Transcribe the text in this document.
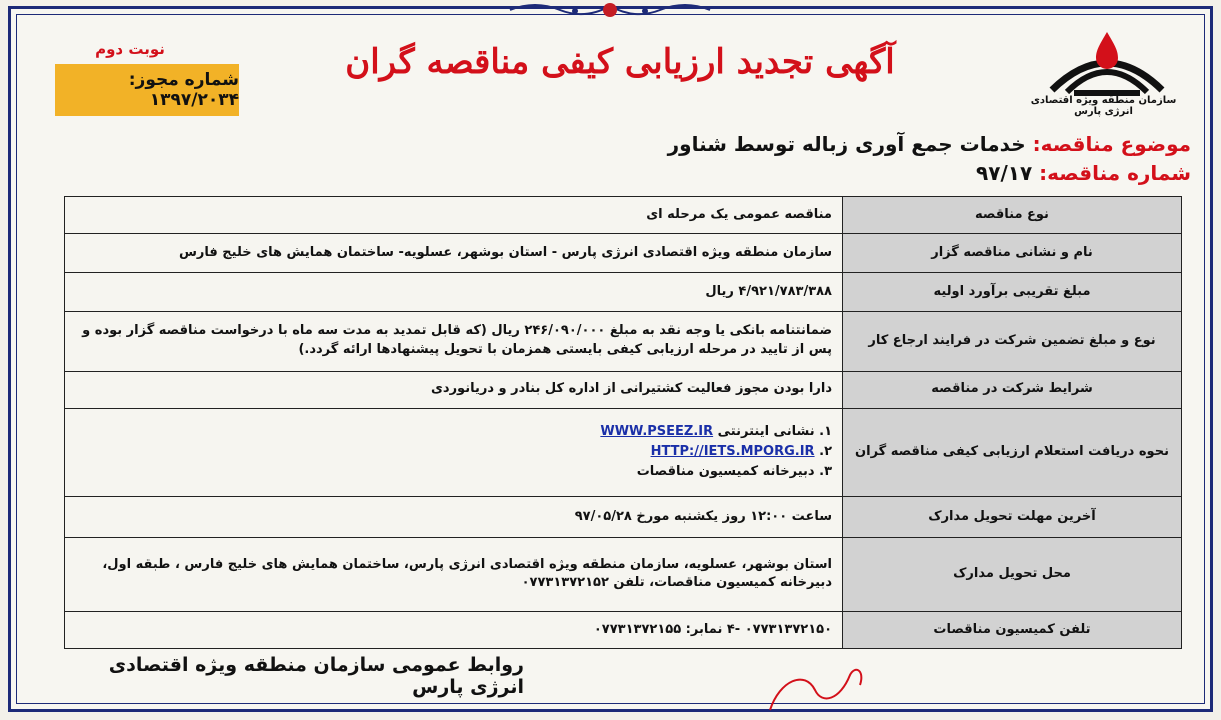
سازمان منطقه ویژه اقتصادی انرژی پارس
آگهی تجدید ارزیابی کیفی مناقصه گران
نوبت دوم
شماره مجوز: ۱۳۹۷/۲۰۳۴
موضوع مناقصه: خدمات جمع آوری زباله توسط شناور
شماره مناقصه: ۹۷/۱۷
نوع مناقصه	مناقصه عمومی یک مرحله ای
نام و نشانی مناقصه گزار	سازمان منطقه ویژه اقتصادی انرژی پارس - استان بوشهر، عسلویه- ساختمان همایش های خلیج فارس
مبلغ تقریبی برآورد اولیه	۴/۹۲۱/۷۸۳/۳۸۸ ریال
نوع و مبلغ تضمین شرکت در فرایند ارجاع کار	ضمانتنامه بانکی یا وجه نقد به مبلغ ۲۴۶/۰۹۰/۰۰۰ ریال (که قابل تمدید به مدت سه ماه با درخواست مناقصه گزار بوده و پس از تایید در مرحله ارزیابی کیفی بایستی همزمان با تحویل پیشنهادها ارائه گردد.)
شرایط شرکت در مناقصه	دارا بودن مجوز فعالیت کشتیرانی از اداره کل بنادر و دریانوردی
نحوه دریافت استعلام ارزیابی کیفی مناقصه گران	۱. نشانی اینترنتی WWW.PSEEZ.IR
۲. HTTP://IETS.MPORG.IR
۳. دبیرخانه کمیسیون مناقصات

آخرین مهلت تحویل مدارک	ساعت ۱۲:۰۰ روز یکشنبه مورخ ۹۷/۰۵/۲۸
محل تحویل مدارک	استان بوشهر، عسلویه، سازمان منطقه ویژه اقتصادی انرژی پارس، ساختمان همایش های خلیج فارس ، طبقه اول، دبیرخانه کمیسیون مناقصات، تلفن ۰۷۷۳۱۳۷۲۱۵۲
تلفن کمیسیون مناقصات	۰۷۷۳۱۳۷۲۱۵۰ -۴ نمابر: ۰۷۷۳۱۳۷۲۱۵۵
روابط عمومی سازمان منطقه ویژه اقتصادی انرژی پارس
